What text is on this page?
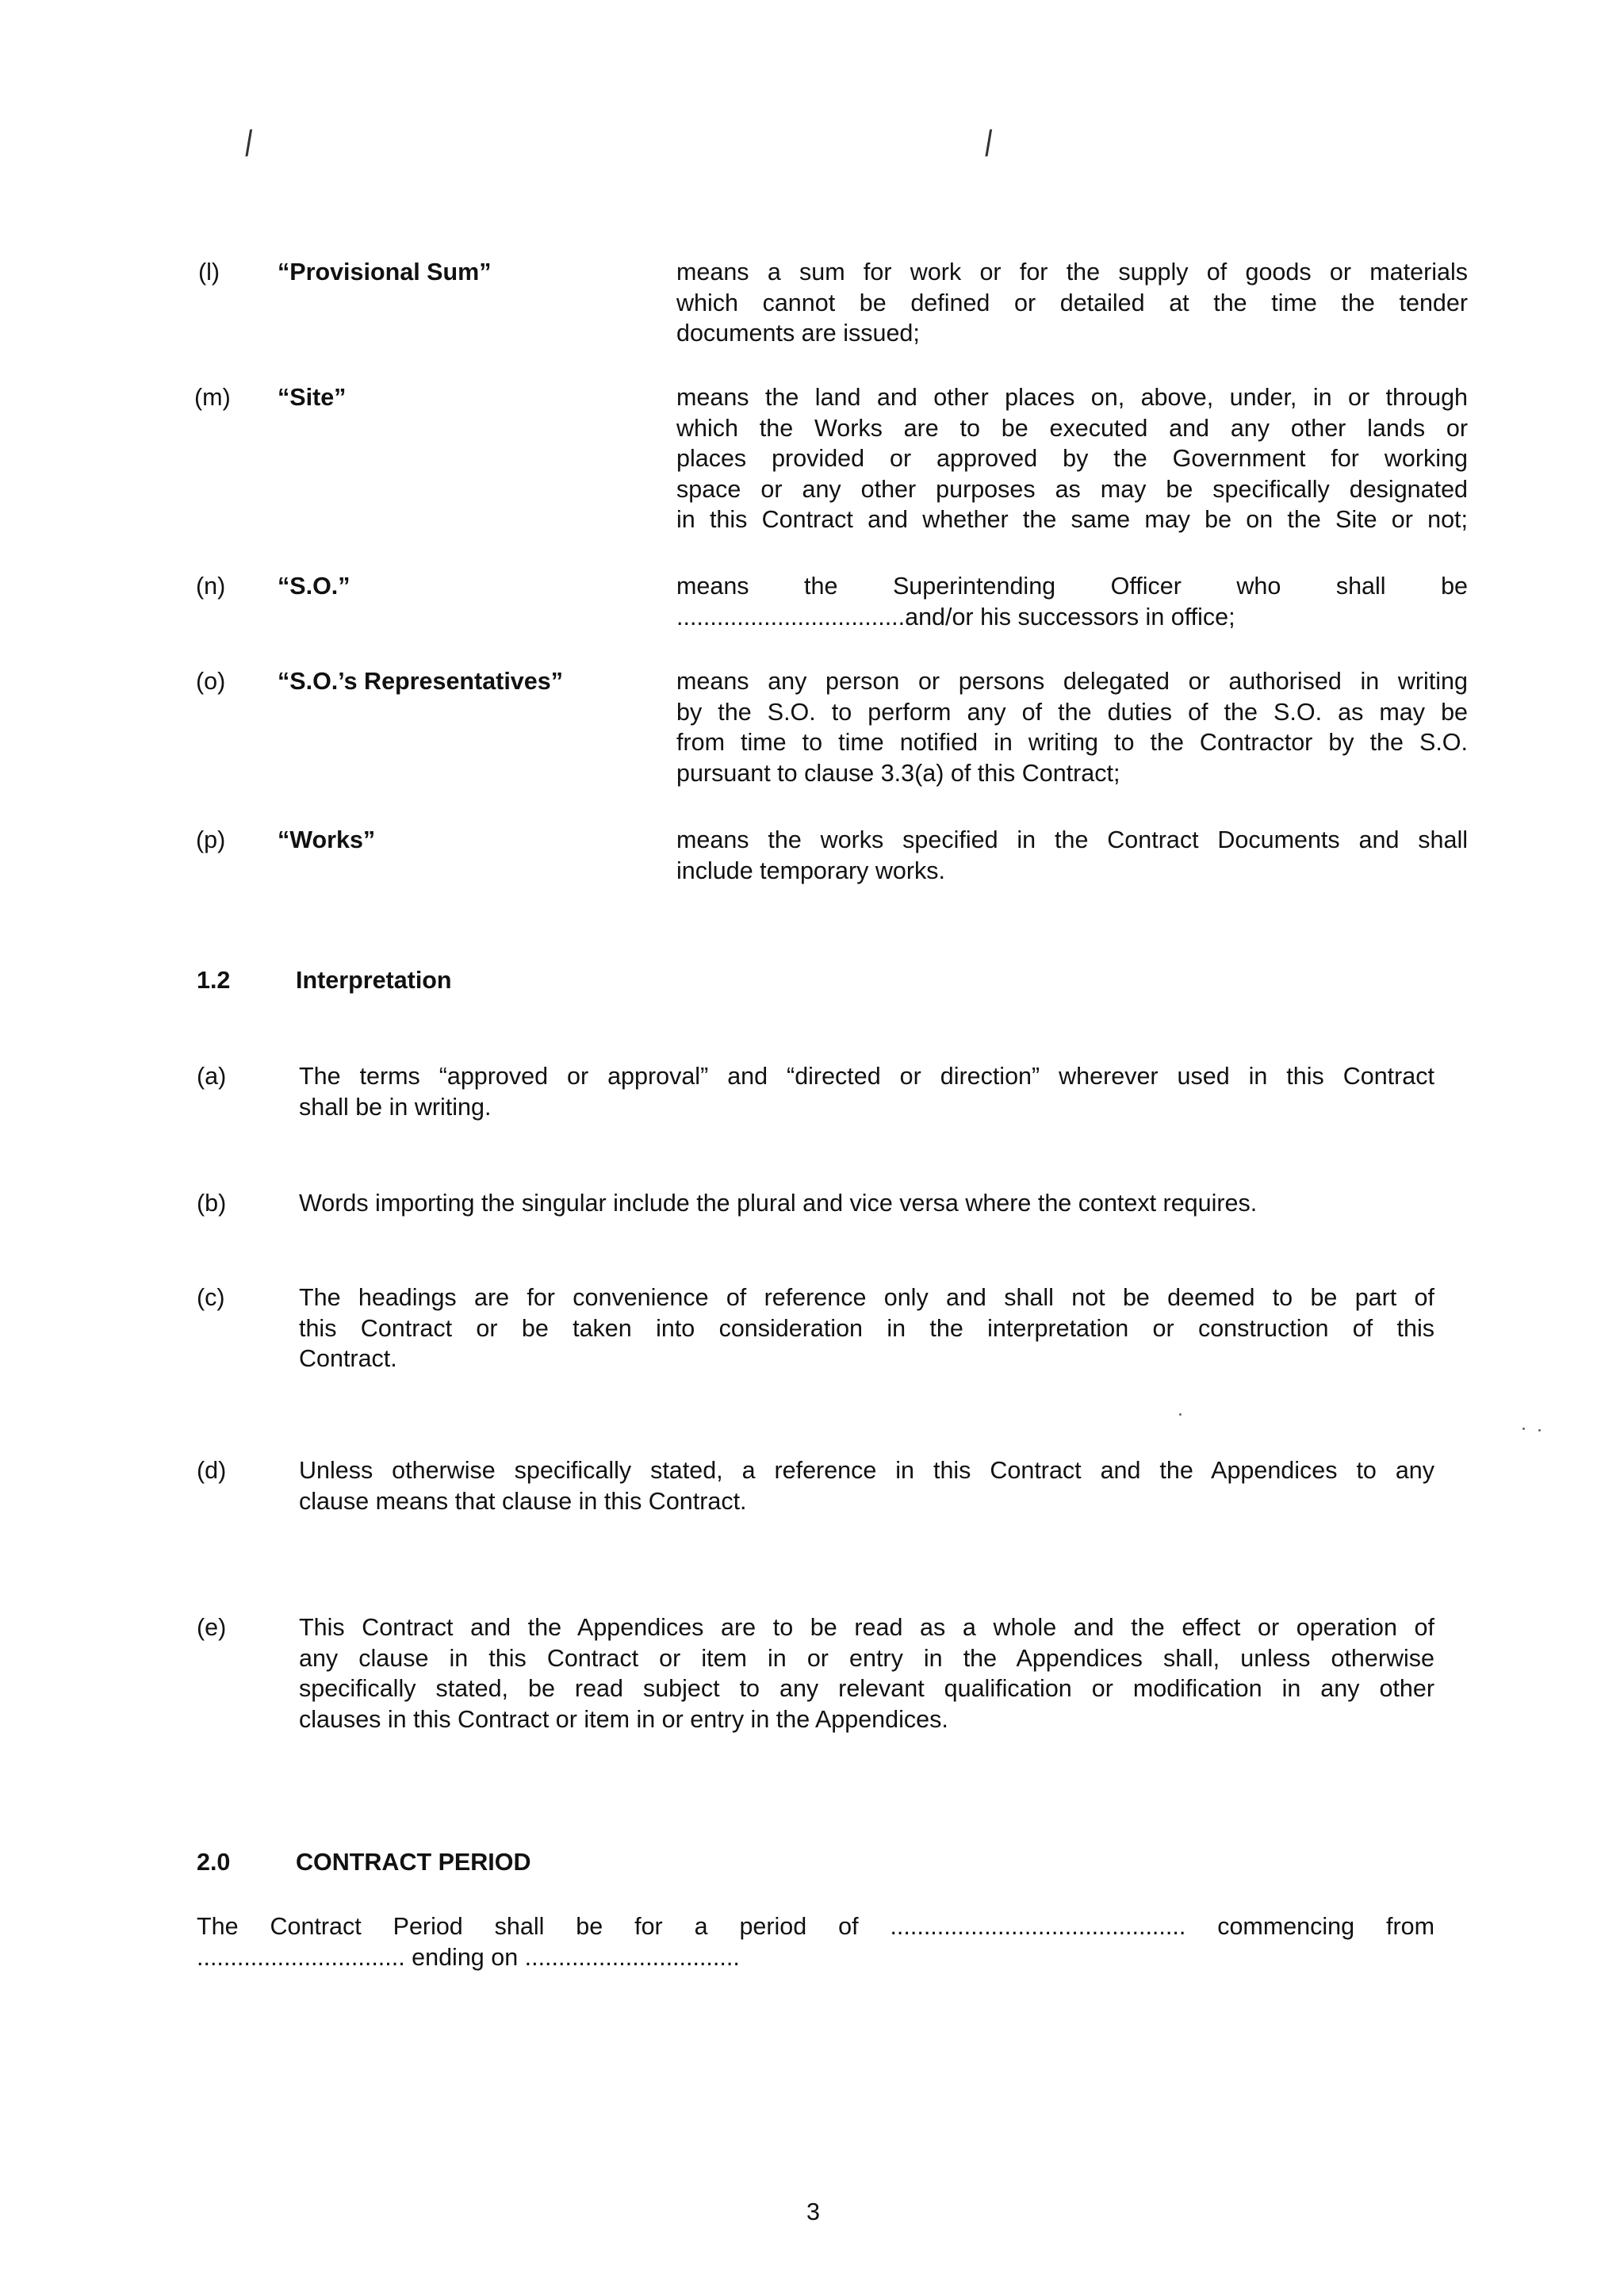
/	/
(l) “Provisional Sum”	means a sum for work or for the supply of goods or materials
which cannot be defined or detailed at the time the tender
documents are issued;
(m) “Site”	means the land and other places on, above, under, in or through
which the Works are to be executed and any other lands or
places provided or approved by the Government for working
space or any other purposes as may be specifically designated
in this Contract and whether the same may be on the Site or not;
(n) “S.O.”	means the Superintending Officer who shall be
..................................and/or his successors in office;
(o) “S.O.’s Representatives”	means any person or persons delegated or authorised in writing
by the S.O. to perform any of the duties of the S.O. as may be
from time to time notified in writing to the Contractor by the S.O.
pursuant to clause 3.3(a) of this Contract;
(p) “Works”	means the works specified in the Contract Documents and shall
include temporary works.
1.2	Interpretation
(a)	The terms “approved or approval” and “directed or direction” wherever used in this Contract
shall be in writing.
(b)	Words importing the singular include the plural and vice versa where the context requires.
(c)	The headings are for convenience of reference only and shall not be deemed to be part of
this Contract or be taken into consideration in the interpretation or construction of this
Contract.
(d)	Unless otherwise specifically stated, a reference in this Contract and the Appendices to any
clause means that clause in this Contract.
(e)	This Contract and the Appendices are to be read as a whole and the effect or operation of
any clause in this Contract or item in or entry in the Appendices shall, unless otherwise
specifically stated, be read subject to any relevant qualification or modification in any other
clauses in this Contract or item in or entry in the Appendices.
2.0	CONTRACT PERIOD
The Contract Period shall be for a period of ............................................ commencing from
............................... ending on ................................
3
